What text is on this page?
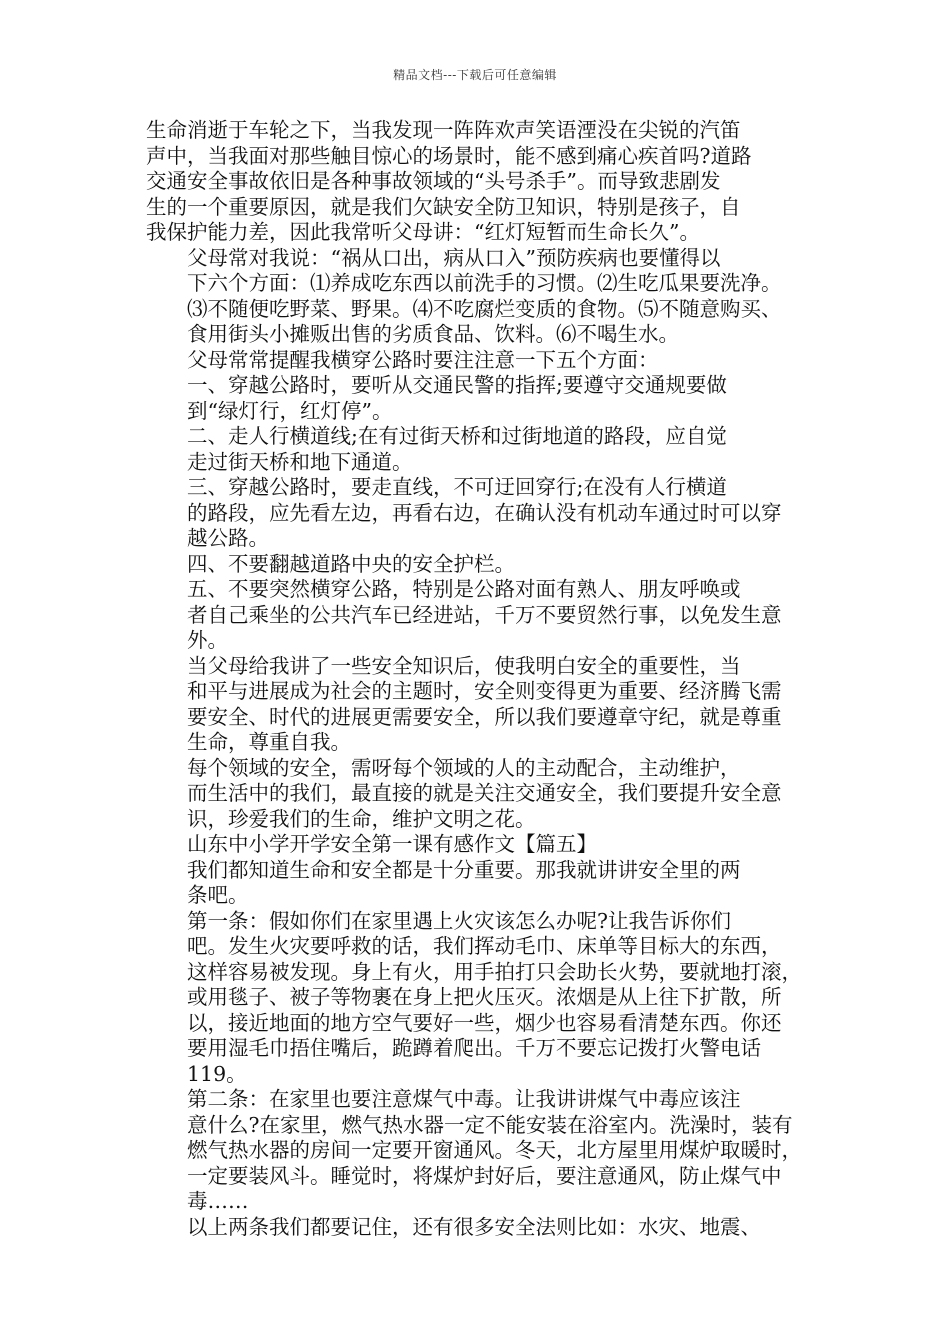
精品文档---下载后可任意编辑

生命消逝于车轮之下，当我发现一阵阵欢声笑语湮没在尖锐的汽笛
声中，当我面对那些触目惊心的场景时，能不感到痛心疾首吗?道路
交通安全事故依旧是各种事故领域的“头号杀手”。而导致悲剧发
生的一个重要原因，就是我们欠缺安全防卫知识，特别是孩子，自
我保护能力差，因此我常听父母讲：“红灯短暂而生命长久”。

父母常对我说：“祸从口出，病从口入”预防疾病也要懂得以
下六个方面：⑴养成吃东西以前洗手的习惯。⑵生吃瓜果要洗净。
⑶不随便吃野菜、野果。⑷不吃腐烂变质的食物。⑸不随意购买、
食用街头小摊贩出售的劣质食品、饮料。⑹不喝生水。

父母常常提醒我横穿公路时要注注意一下五个方面：

一、穿越公路时，要听从交通民警的指挥;要遵守交通规要做
到“绿灯行，红灯停”。

二、走人行横道线;在有过街天桥和过街地道的路段，应自觉
走过街天桥和地下通道。

三、穿越公路时，要走直线，不可迂回穿行;在没有人行横道
的路段，应先看左边，再看右边，在确认没有机动车通过时可以穿
越公路。

四、不要翻越道路中央的安全护栏。

五、不要突然横穿公路，特别是公路对面有熟人、朋友呼唤或
者自己乘坐的公共汽车已经进站，千万不要贸然行事，以免发生意
外。

当父母给我讲了一些安全知识后，使我明白安全的重要性，当
和平与进展成为社会的主题时，安全则变得更为重要、经济腾飞需
要安全、时代的进展更需要安全，所以我们要遵章守纪，就是尊重
生命，尊重自我。

每个领域的安全，需呀每个领域的人的主动配合，主动维护，
而生活中的我们，最直接的就是关注交通安全，我们要提升安全意
识，珍爱我们的生命，维护文明之花。

山东中小学开学安全第一课有感作文【篇五】

我们都知道生命和安全都是十分重要。那我就讲讲安全里的两
条吧。

第一条：假如你们在家里遇上火灾该怎么办呢?让我告诉你们
吧。发生火灾要呼救的话，我们挥动毛巾、床单等目标大的东西，
这样容易被发现。身上有火，用手拍打只会助长火势，要就地打滚，
或用毯子、被子等物裹在身上把火压灭。浓烟是从上往下扩散，所
以，接近地面的地方空气要好一些，烟少也容易看清楚东西。你还
要用湿毛巾捂住嘴后，跪蹲着爬出。千万不要忘记拨打火警电话
119。

第二条：在家里也要注意煤气中毒。让我讲讲煤气中毒应该注
意什么?在家里，燃气热水器一定不能安装在浴室内。洗澡时，装有
燃气热水器的房间一定要开窗通风。冬天，北方屋里用煤炉取暖时，
一定要装风斗。睡觉时，将煤炉封好后，要注意通风，防止煤气中
毒……

以上两条我们都要记住，还有很多安全法则比如：水灾、地震、
